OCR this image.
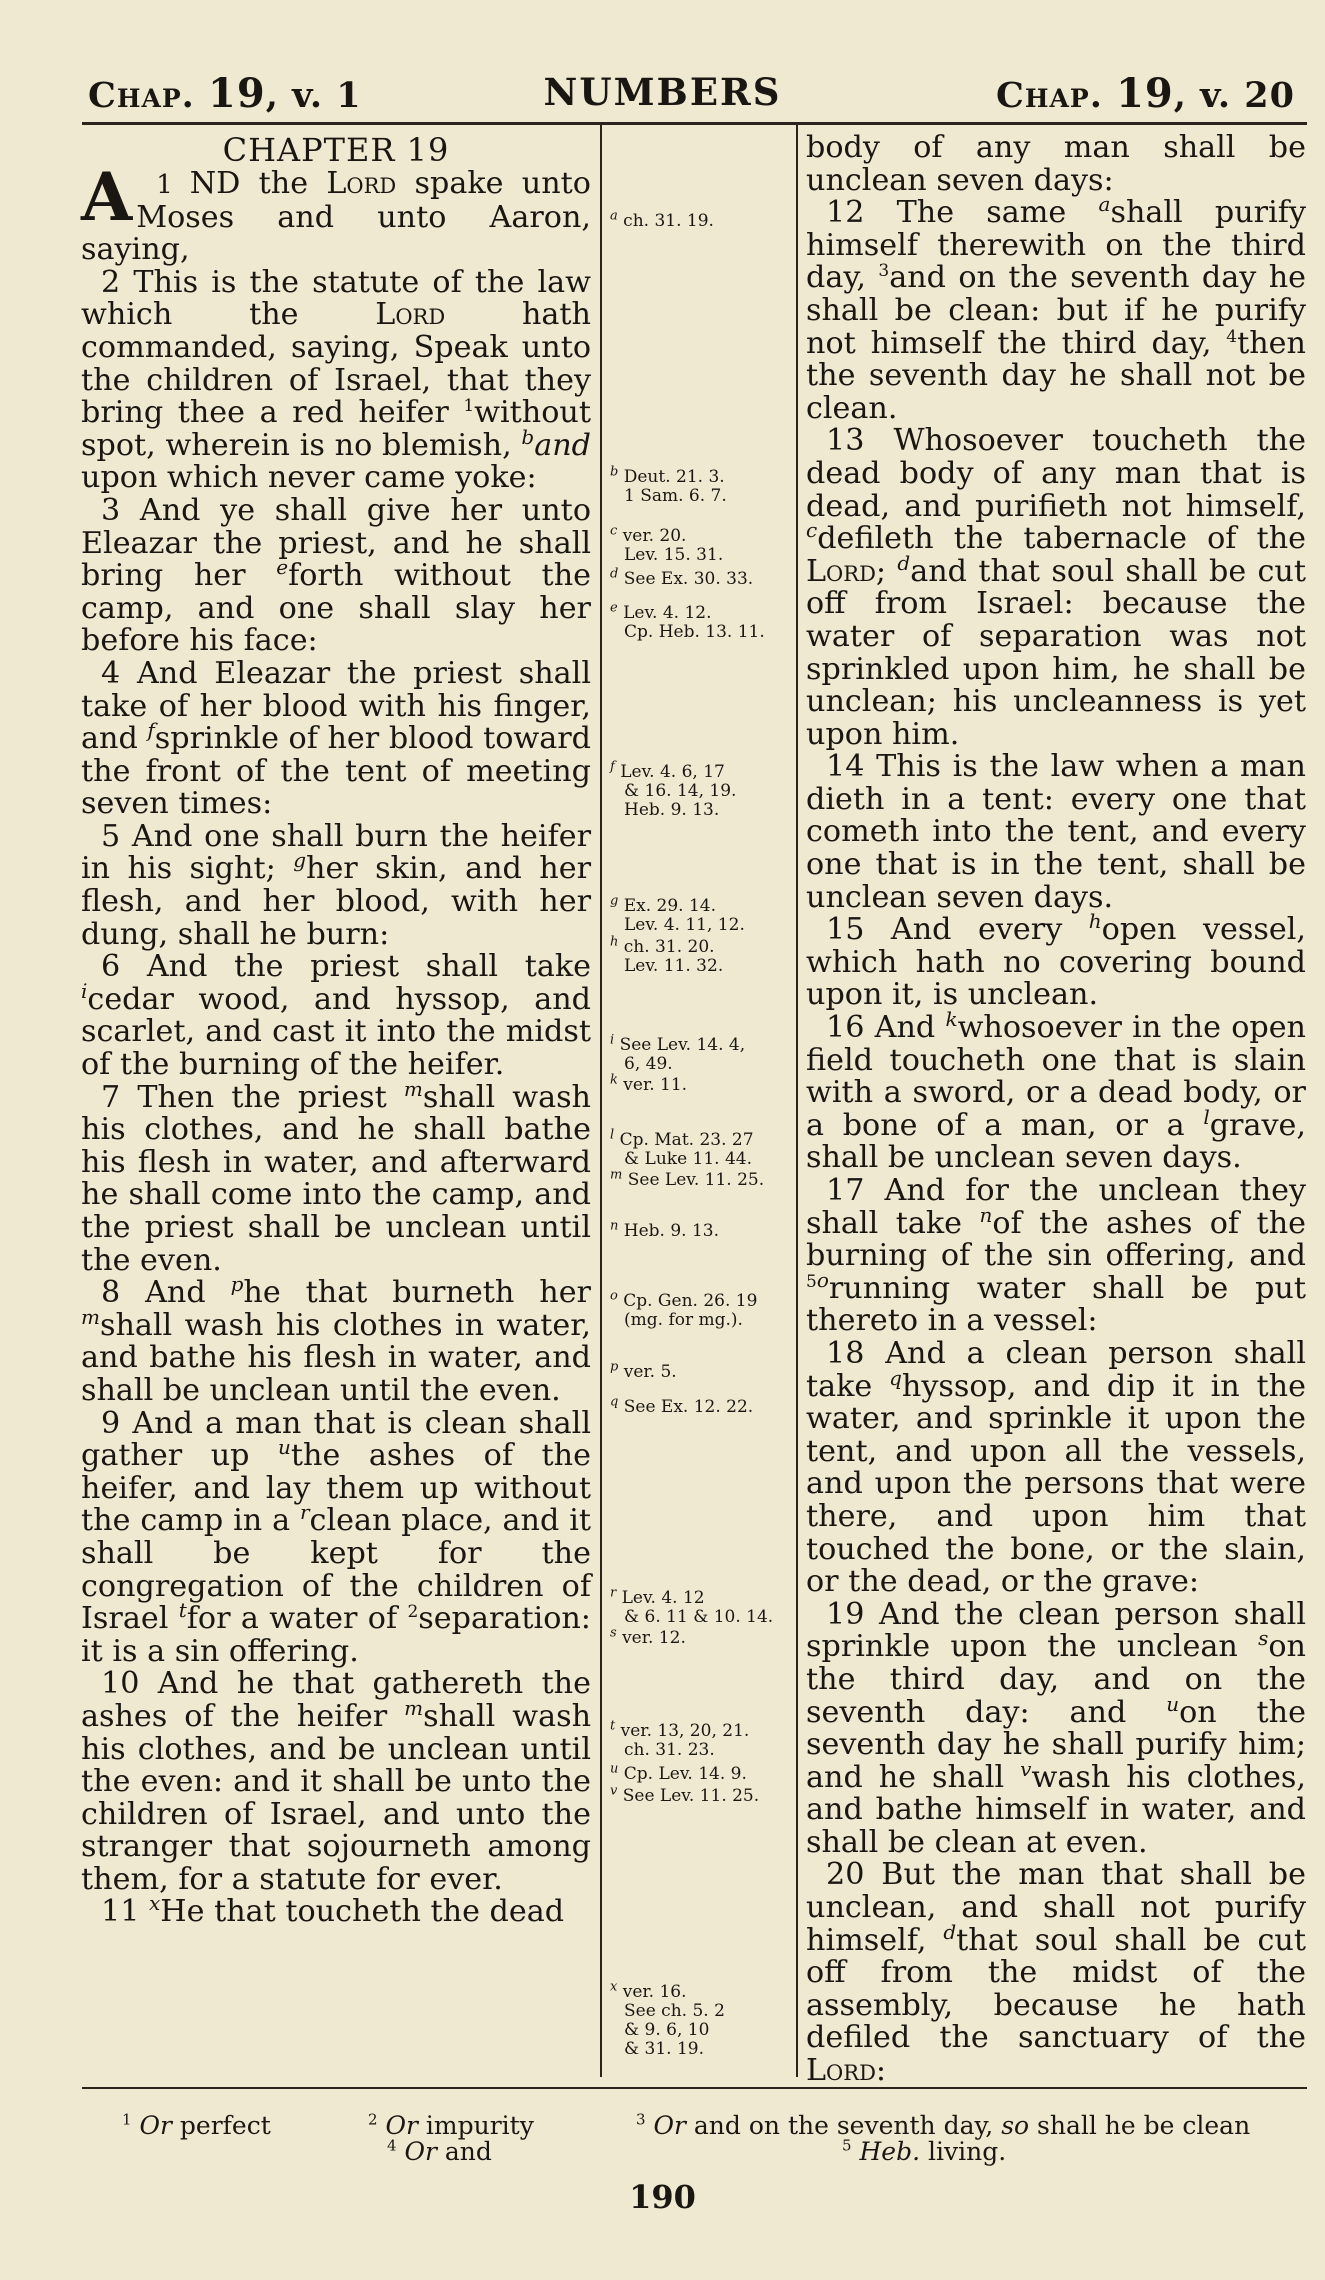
Chap. 19, v. 1	NUMBERS	Chap. 19, v. 20
CHAPTER 19

1
A ND the Lord spake unto Moses and unto Aaron, saying,

2 This is the statute of the law which the Lord hath commanded, saying, Speak unto the children of Israel, that they bring thee a red heifer $^1$without spot, wherein is no blemish, $^b$and upon which never came yoke:

3 And ye shall give her unto Eleazar the priest, and he shall bring her $^e$forth without the camp, and one shall slay her before his face:

4 And Eleazar the priest shall take of her blood with his finger, and $^f$sprinkle of her blood toward the front of the tent of meeting seven times:

5 And one shall burn the heifer in his sight; $^g$her skin, and her flesh, and her blood, with her dung, shall he burn:

6 And the priest shall take $^i$cedar wood, and hyssop, and scarlet, and cast it into the midst of the burning of the heifer.

7 Then the priest $^m$shall wash his clothes, and he shall bathe his flesh in water, and afterward he shall come into the camp, and the priest shall be unclean until the even.

8 And $^p$he that burneth her $^m$shall wash his clothes in water, and bathe his flesh in water, and shall be unclean until the even.

9 And a man that is clean shall gather up $^u$the ashes of the heifer, and lay them up without the camp in a $^r$clean place, and it shall be kept for the congregation of the children of Israel $^t$for a water of $^2$separation: it is a sin offering.

10 And he that gathereth the ashes of the heifer $^m$shall wash his clothes, and be unclean until the even: and it shall be unto the children of Israel, and unto the stranger that sojourneth among them, for a statute for ever.

11 $^x$He that toucheth the dead

$^a$ ch. 31. 19.
$^b$ Deut. 21. 3.
1 Sam. 6. 7.
$^c$ ver. 20.
Lev. 15. 31.
$^d$ See Ex. 30. 33.
$^e$ Lev. 4. 12.
Cp. Heb. 13. 11.
$^f$ Lev. 4. 6, 17
& 16. 14, 19.
Heb. 9. 13.
$^g$ Ex. 29. 14.
Lev. 4. 11, 12.
$^h$ ch. 31. 20.
Lev. 11. 32.
$^i$ See Lev. 14. 4,
6, 49.
$^k$ ver. 11.
$^l$ Cp. Mat. 23. 27
& Luke 11. 44.
$^m$ See Lev. 11. 25.
$^n$ Heb. 9. 13.
$^o$ Cp. Gen. 26. 19
(mg. for mg.).
$^p$ ver. 5.
$^q$ See Ex. 12. 22.
$^r$ Lev. 4. 12
& 6. 11 & 10. 14.
$^s$ ver. 12.
$^t$ ver. 13, 20, 21.
ch. 31. 23.
$^u$ Cp. Lev. 14. 9.
$^v$ See Lev. 11. 25.
$^x$ ver. 16.
See ch. 5. 2
& 9. 6, 10
& 31. 19.

body of any man shall be unclean seven days:

12 The same $^a$shall purify himself therewith on the third day, $^3$and on the seventh day he shall be clean: but if he purify not himself the third day, $^4$then the seventh day he shall not be clean.

13 Whosoever toucheth the dead body of any man that is dead, and purifieth not himself, $^c$defileth the tabernacle of the Lord; $^d$and that soul shall be cut off from Israel: because the water of separation was not sprinkled upon him, he shall be unclean; his uncleanness is yet upon him.

14 This is the law when a man dieth in a tent: every one that cometh into the tent, and every one that is in the tent, shall be unclean seven days.

15 And every $^h$open vessel, which hath no covering bound upon it, is unclean.

16 And $^k$whosoever in the open field toucheth one that is slain with a sword, or a dead body, or a bone of a man, or a $^l$grave, shall be unclean seven days.

17 And for the unclean they shall take $^n$of the ashes of the burning of the sin offering, and $^{5o}$running water shall be put thereto in a vessel:

18 And a clean person shall take $^q$hyssop, and dip it in the water, and sprinkle it upon the tent, and upon all the vessels, and upon the persons that were there, and upon him that touched the bone, or the slain, or the dead, or the grave:

19 And the clean person shall sprinkle upon the unclean $^s$on the third day, and on the seventh day: and $^u$on the seventh day he shall purify him; and he shall $^v$wash his clothes, and bathe himself in water, and shall be clean at even.

20 But the man that shall be unclean, and shall not purify himself, $^d$that soul shall be cut off from the midst of the assembly, because he hath defiled the sanctuary of the Lord:

$^1$ Or perfect	$^2$ Or impurity
$^4$ Or and
$^3$ Or and on the seventh day, so shall he be clean
$^5$ Heb. living.
190
